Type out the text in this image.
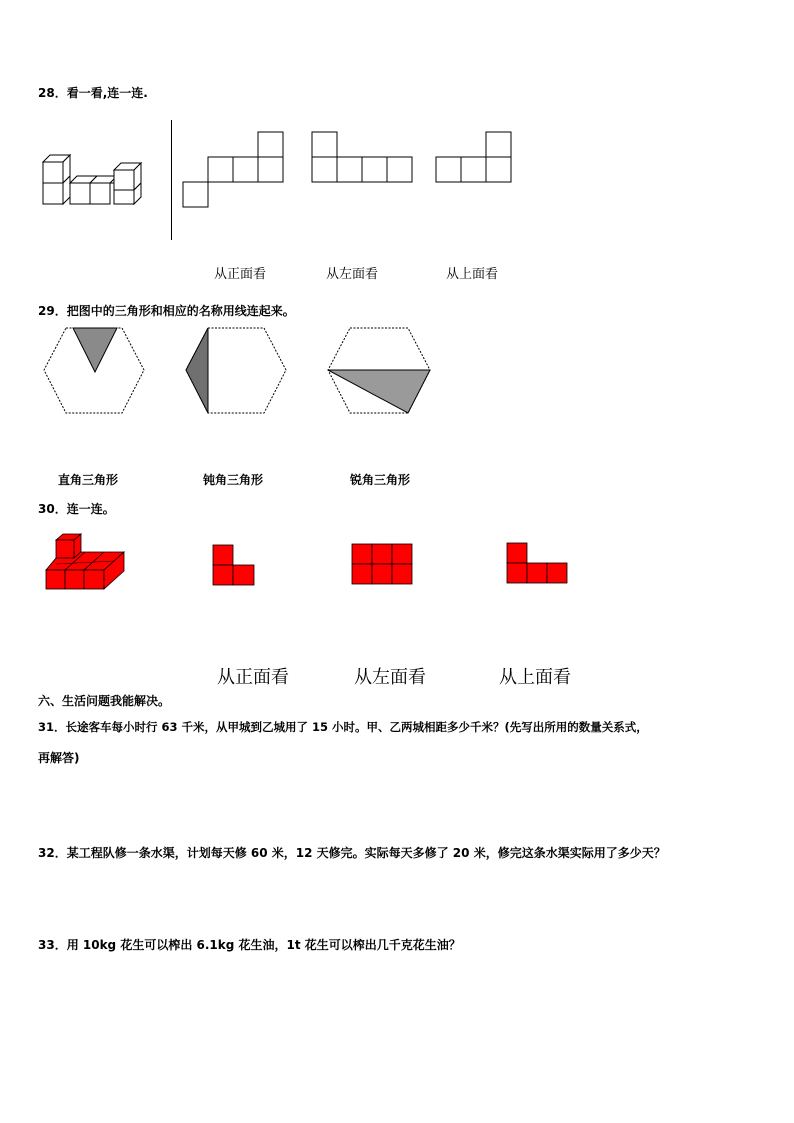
28．看一看,连一连.
从正面看	从左面看	从上面看
29．把图中的三角形和相应的名称用线连起来。
直角三角形	钝角三角形	锐角三角形
30．连一连。
从正面看	从左面看	从上面看
六、生活问题我能解决。
31．长途客车每小时行 63 千米，从甲城到乙城用了 15 小时。甲、乙两城相距多少千米？(先写出所用的数量关系式，
再解答)
32．某工程队修一条水渠，计划每天修 60 米，12 天修完。实际每天多修了 20 米，修完这条水渠实际用了多少天？
33．用 10kg 花生可以榨出 6.1kg 花生油，1t 花生可以榨出几千克花生油？
